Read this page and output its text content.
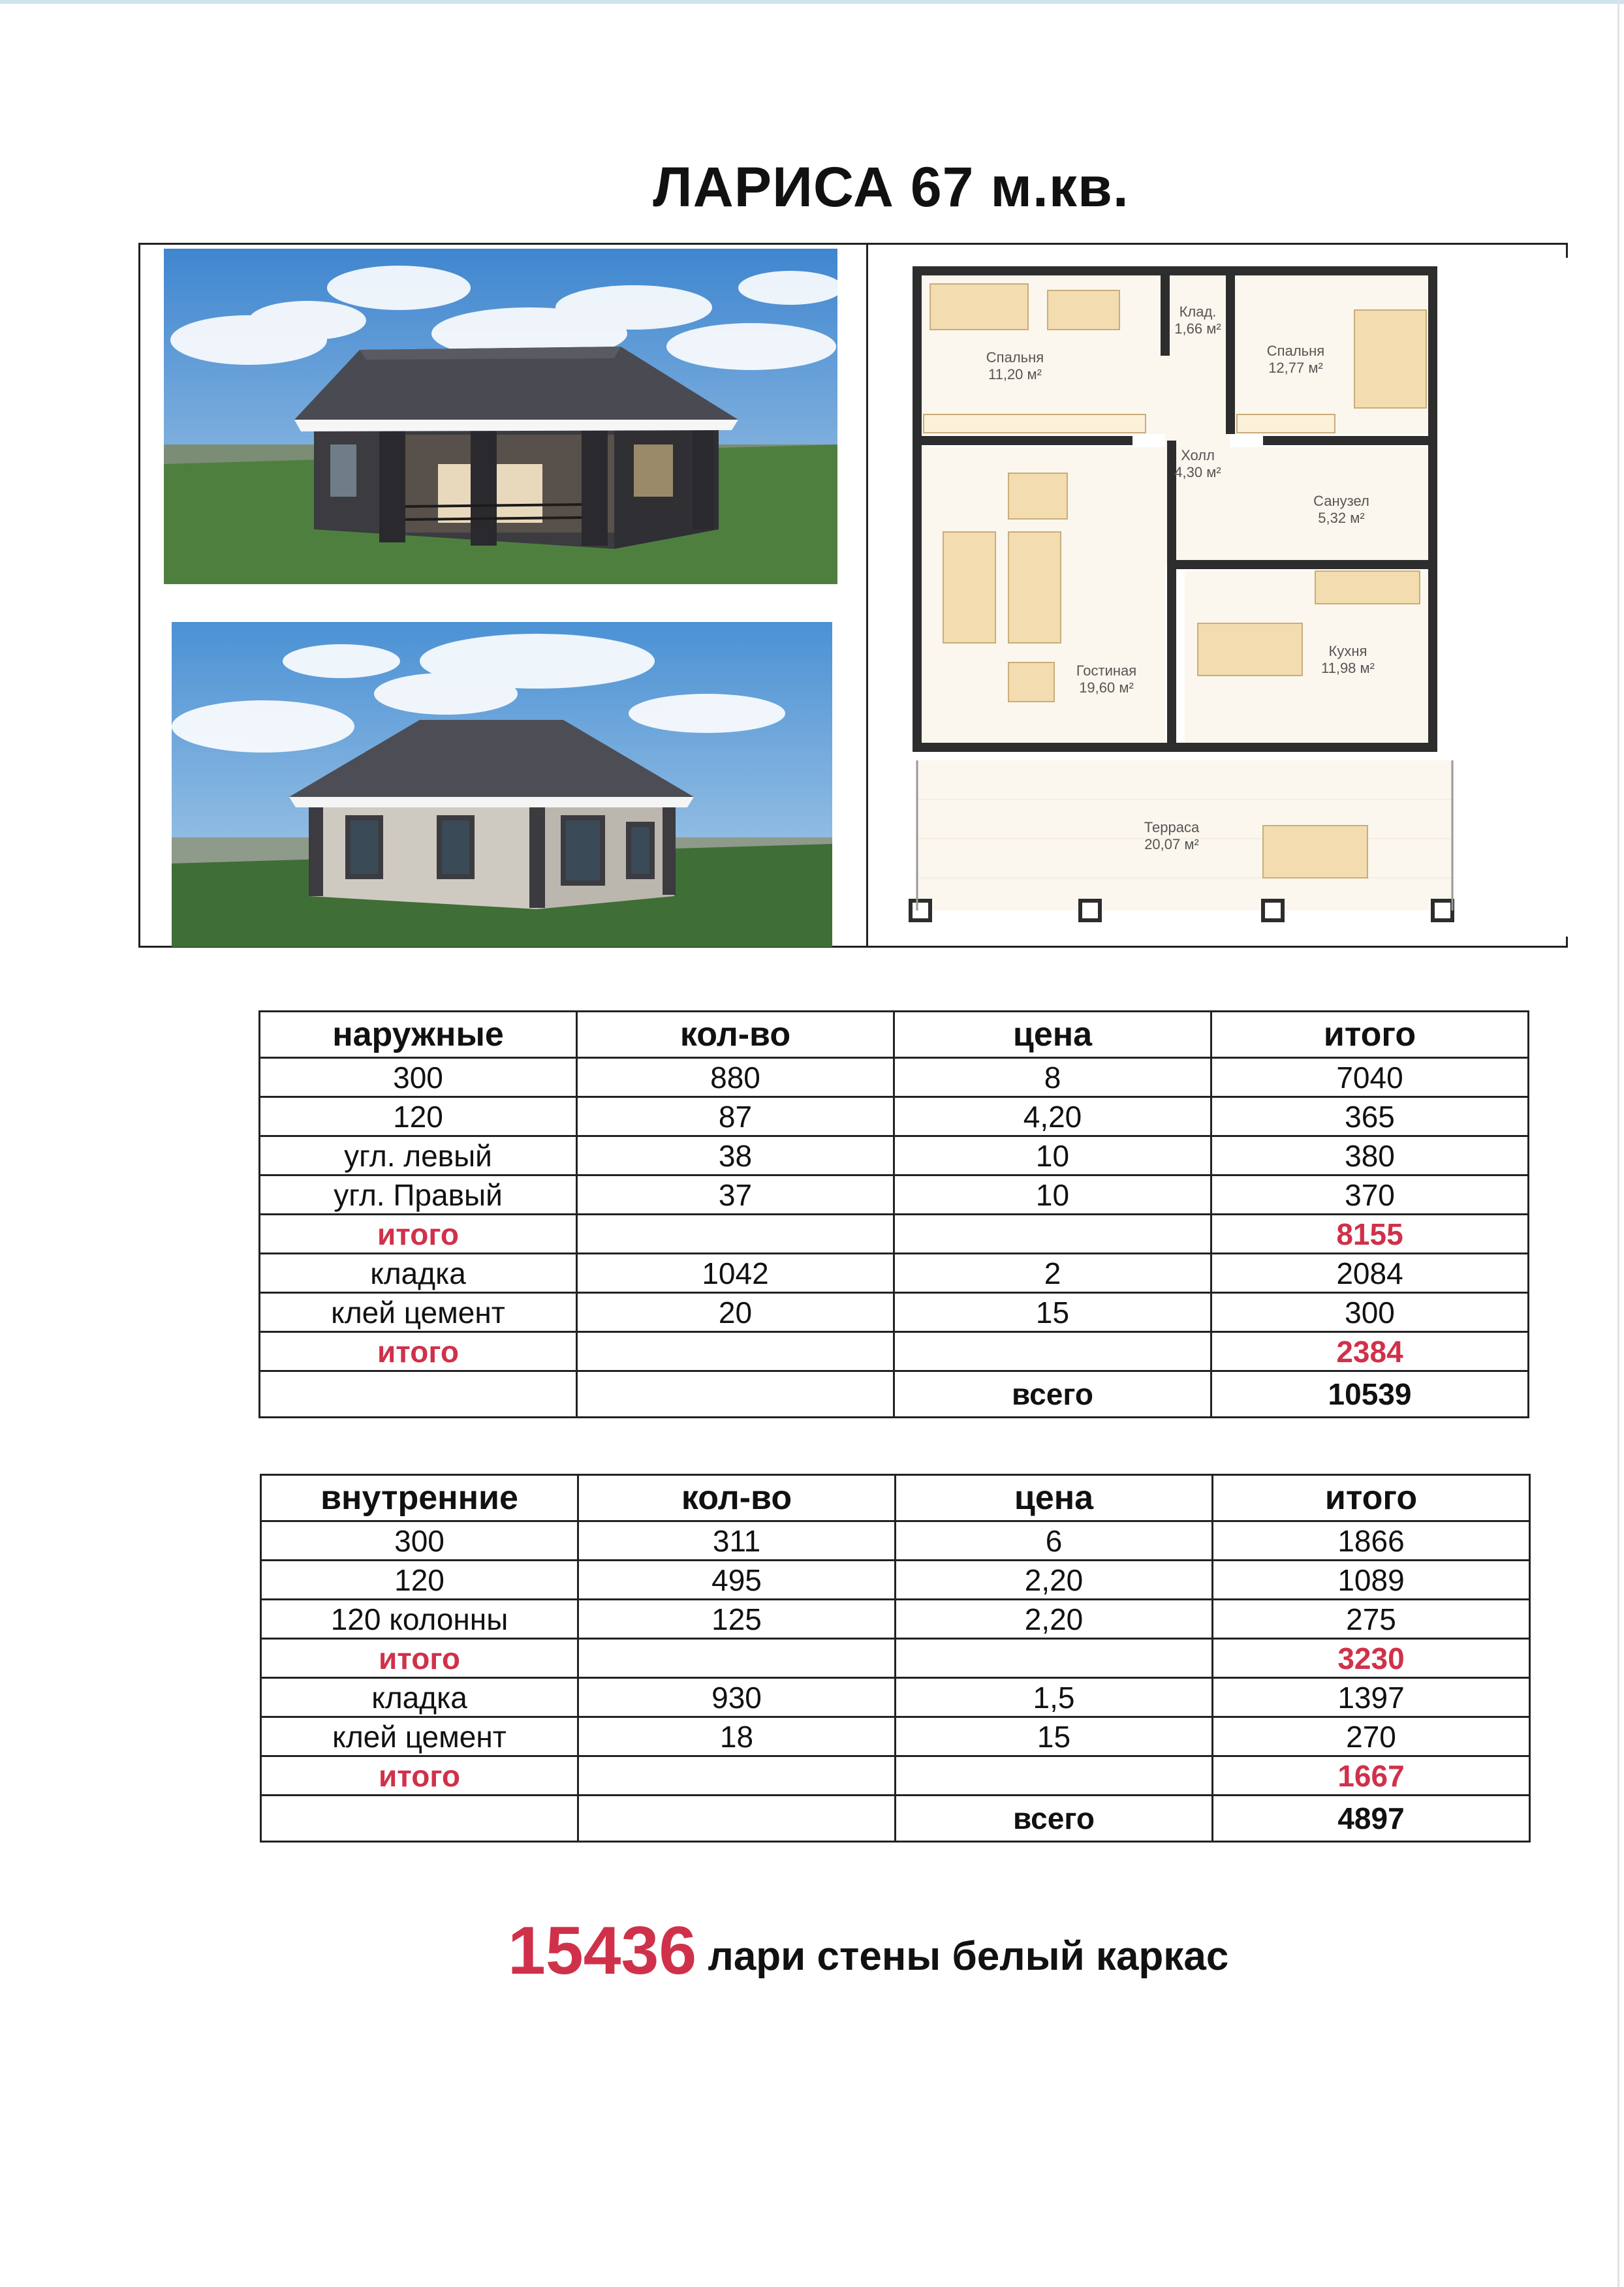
ЛАРИСА 67 м.кв.
Спальня
11,20 м²
Клад.
1,66 м²
Спальня
12,77 м²
Холл
4,30 м²
Санузел
5,32 м²
Гостиная
19,60 м²
Кухня
11,98 м²
Терраса
20,07 м²
наружные	кол-во	цена	итого
300	880	8	7040
120	87	4,20	365
угл. левый	38	10	380
угл. Правый	37	10	370
итого			8155
кладка	1042	2	2084
клей цемент	20	15	300
итого			2384
		всего	10539
внутренние	кол-во	цена	итого
300	311	6	1866
120	495	2,20	1089
120 колонны	125	2,20	275
итого			3230
кладка	930	1,5	1397
клей цемент	18	15	270
итого			1667
		всего	4897
15436 лари стены белый каркас
